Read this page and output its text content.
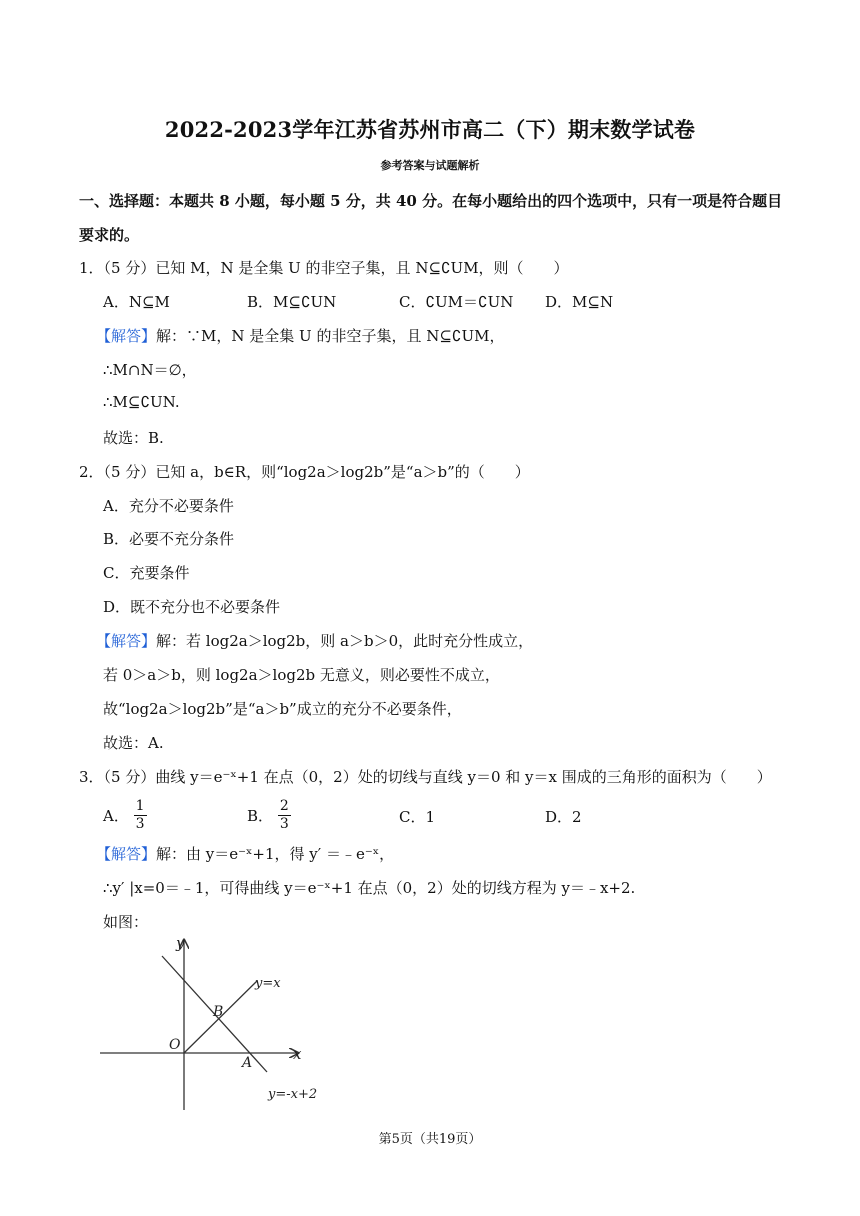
2022-2023学年江苏省苏州市高二（下）期末数学试卷
参考答案与试题解析
一、选择题：本题共 8 小题，每小题 5 分，共 40 分。在每小题给出的四个选项中，只有一项是符合题目
要求的。
1．（5 分）已知 M，N 是全集 U 的非空子集，且 N⊆∁UM，则（　　）
A．N⊆M	B．M⊆∁UN	C．∁UM＝∁UN D．M⊆N
【解答】解：∵M，N 是全集 U 的非空子集，且 N⊆∁UM，
∴M∩N＝∅，
∴M⊆∁UN.
故选：B.
2．（5 分）已知 a，b∈R，则“log2a＞log2b”是“a＞b”的（　　）
A．充分不必要条件
B．必要不充分条件
C．充要条件
D．既不充分也不必要条件
【解答】解：若 log2a＞log2b，则 a＞b＞0，此时充分性成立，
若 0＞a＞b，则 log2a＞log2b 无意义，则必要性不成立，
故“log2a＞log2b”是“a＞b”成立的充分不必要条件，
故选：A.
3．（5 分）曲线 y＝e⁻ˣ+1 在点（0，2）处的切线与直线 y＝0 和 y＝x 围成的三角形的面积为（　　）
A． $\frac{1}{3}$	B． $\frac{2}{3}$	C．1	D．2
【解答】解：由 y＝e⁻ˣ+1，得 y′ ＝﹣e⁻ˣ，
∴y′ |x=0＝﹣1，可得曲线 y＝e⁻ˣ+1 在点（0，2）处的切线方程为 y＝﹣x+2.
如图：
y
x
O
B
A
y=x
y=-x+2
第5页（共19页）
